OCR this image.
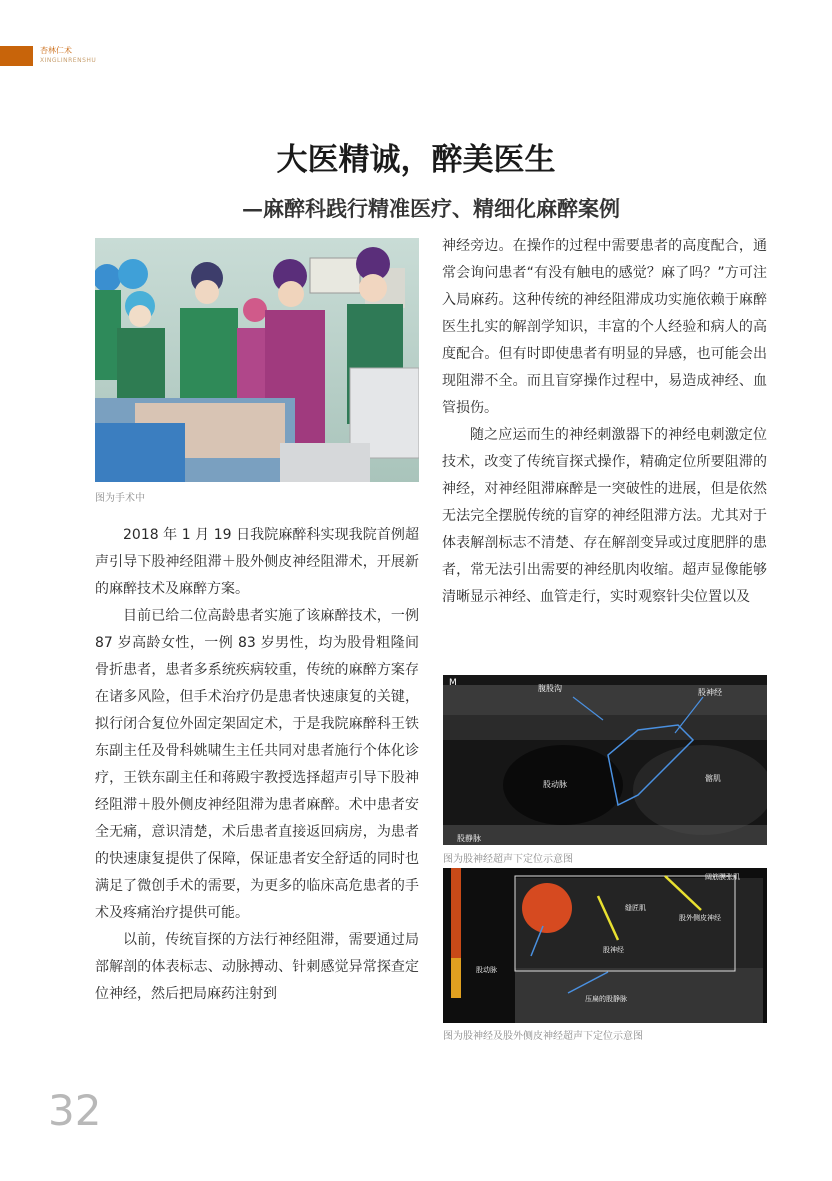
杏林仁术
XINGLINRENSHU
大医精诚，醉美医生
—麻醉科践行精准医疗、精细化麻醉案例
图为手术中

2018 年 1 月 19 日我院麻醉科实现我院首例超声引导下股神经阻滞＋股外侧皮神经阻滞术，开展新的麻醉技术及麻醉方案。

目前已给二位高龄患者实施了该麻醉技术，一例 87 岁高龄女性，一例 83 岁男性，均为股骨粗隆间骨折患者，患者多系统疾病较重，传统的麻醉方案存在诸多风险，但手术治疗仍是患者快速康复的关键，拟行闭合复位外固定架固定术，于是我院麻醉科王铁东副主任及骨科姚啸生主任共同对患者施行个体化诊疗，王铁东副主任和蒋殿宇教授选择超声引导下股神经阻滞＋股外侧皮神经阻滞为患者麻醉。术中患者安全无痛，意识清楚，术后患者直接返回病房，为患者的快速康复提供了保障，保证患者安全舒适的同时也满足了微创手术的需要，为更多的临床高危患者的手术及疼痛治疗提供可能。

以前，传统盲探的方法行神经阻滞，需要通过局部解剖的体表标志、动脉搏动、针刺感觉异常探查定位神经，然后把局麻药注射到

神经旁边。在操作的过程中需要患者的高度配合，通常会询问患者“有没有触电的感觉？麻了吗？”方可注入局麻药。这种传统的神经阻滞成功实施依赖于麻醉医生扎实的解剖学知识，丰富的个人经验和病人的高度配合。但有时即使患者有明显的异感，也可能会出现阻滞不全。而且盲穿操作过程中，易造成神经、血管损伤。

随之应运而生的神经刺激器下的神经电刺激定位技术，改变了传统盲探式操作，精确定位所要阻滞的神经，对神经阻滞麻醉是一突破性的进展，但是依然无法完全摆脱传统的盲穿的神经阻滞方法。尤其对于体表解剖标志不清楚、存在解剖变异或过度肥胖的患者，常无法引出需要的神经肌肉收缩。超声显像能够清晰显示神经、血管走行，实时观察针尖位置以及

M
腹股沟	股神经
股动脉
髂肌
股静脉
图为股神经超声下定位示意图
阔筋膜张肌
缝匠肌
股外侧皮神经
股神经
股动脉
压扁的股静脉
图为股神经及股外侧皮神经超声下定位示意图
32
